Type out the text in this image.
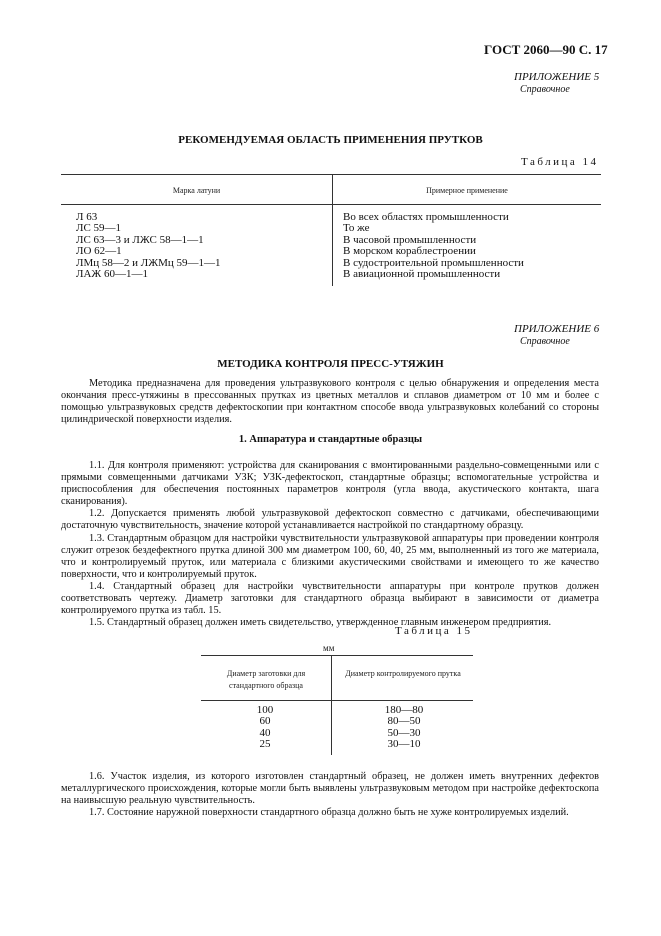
ГОСТ 2060—90 С. 17
ПРИЛОЖЕНИЕ 5
Справочное
РЕКОМЕНДУЕМАЯ ОБЛАСТЬ ПРИМЕНЕНИЯ ПРУТКОВ
Таблица 14
Марка латуни	Примерное применение
Л 63
ЛС 59—1
ЛС 63—3 и ЛЖС 58—1—1
ЛО 62—1
ЛМц 58—2 и ЛЖМц 59—1—1
ЛАЖ 60—1—1
Во всех областях промышленности
То же
В часовой промышленности
В морском кораблестроении
В судостроительной промышленности
В авиационной промышленности
ПРИЛОЖЕНИЕ 6
Справочное
МЕТОДИКА КОНТРОЛЯ ПРЕСС-УТЯЖИН

Методика предназначена для проведения ультразвукового контроля с целью обнаружения и определения места окончания пресс-утяжины в прессованных прутках из цветных металлов и сплавов диаметром от 10 мм и более с помощью ультразвуковых средств дефектоскопии при контактном способе ввода ультразвуковых колебаний со стороны цилиндрической поверхности изделия.

1. Аппаратура и стандартные образцы

1.1. Для контроля применяют: устройства для сканирования с вмонтированными раздельно-совмещенными или с прямыми совмещенными датчиками УЗК; УЗК-дефектоскоп, стандартные образцы; вспомогательные устройства и приспособления для обеспечения постоянных параметров контроля (угла ввода, акустического контакта, шага сканирования).

1.2. Допускается применять любой ультразвуковой дефектоскоп совместно с датчиками, обеспечивающими достаточную чувствительность, значение которой устанавливается настройкой по стандартному образцу.

1.3. Стандартным образцом для настройки чувствительности ультразвуковой аппаратуры при проведении контроля служит отрезок бездефектного прутка длиной 300 мм диаметром 100, 60, 40, 25 мм, выполненный из того же материала, что и контролируемый пруток, или материала с близкими акустическими свойствами и имеющего то же качество поверхности, что и контролируемый пруток.

1.4. Стандартный образец для настройки чувствительности аппаратуры при контроле прутков должен соответствовать чертежу. Диаметр заготовки для стандартного образца выбирают в зависимости от диаметра контролируемого прутка из табл. 15.

1.5. Стандартный образец должен иметь свидетельство, утвержденное главным инженером предприятия.

Таблица 15
мм
Диаметр заготовки для стандартного образца
Диаметр контролируемого прутка
100
60
40
25
180—80
80—50
50—30
30—10

1.6. Участок изделия, из которого изготовлен стандартный образец, не должен иметь внутренних дефектов металлургического происхождения, которые могли быть выявлены ультразвуковым методом при настройке дефектоскопа на наивысшую реальную чувствительность.

1.7. Состояние наружной поверхности стандартного образца должно быть не хуже контролируемых изделий.
